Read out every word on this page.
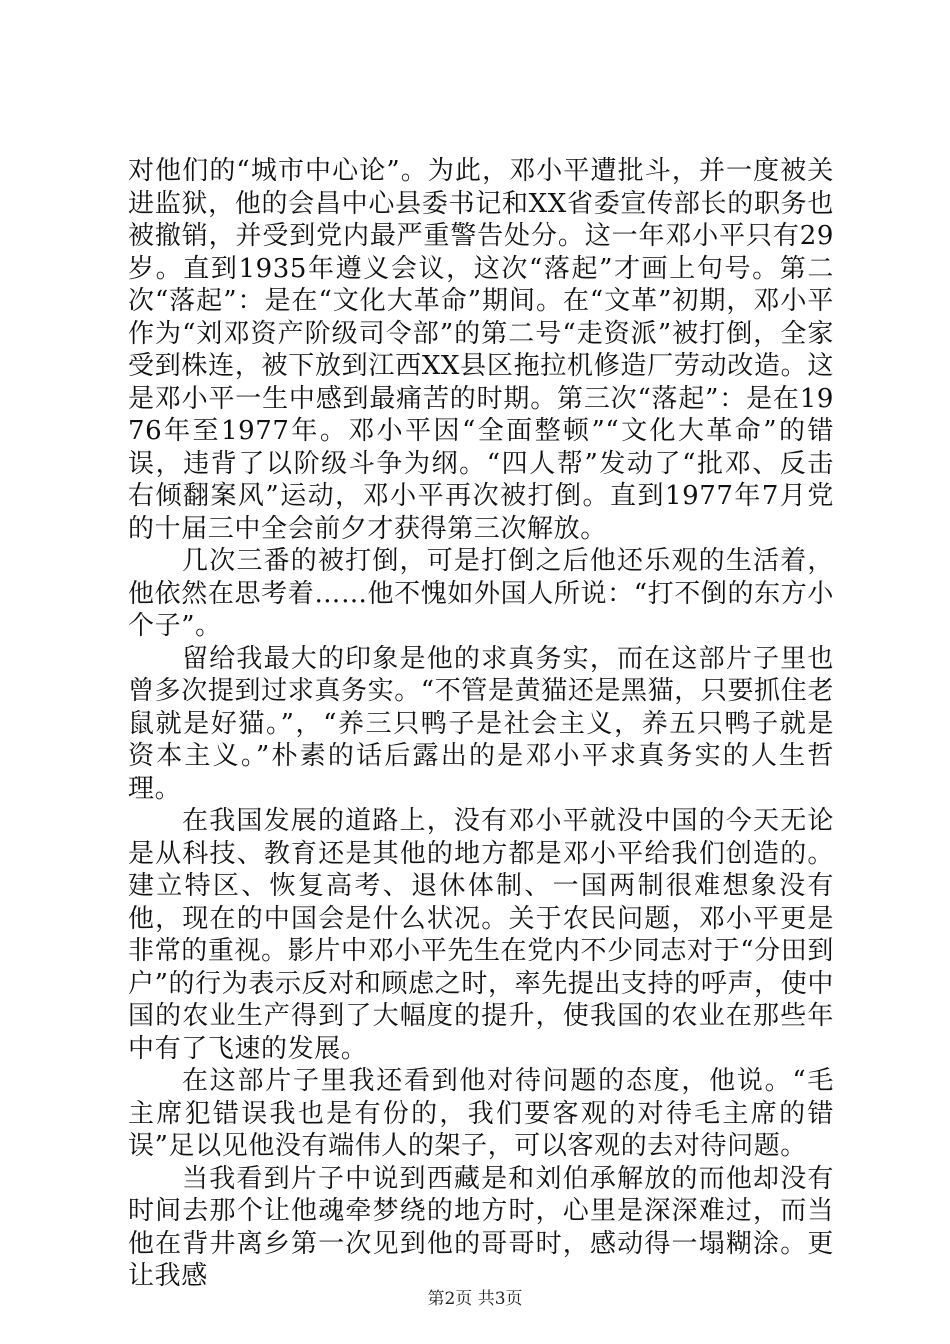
对他们的“城市中心论”。为此，邓小平遭批斗，并一度被关进监狱，他的会昌中心县委书记和XX省委宣传部长的职务也被撤销，并受到党内最严重警告处分。这一年邓小平只有29岁。直到1935年遵义会议，这次“落起”才画上句号。第二次“落起”：是在“文化大革命”期间。在“文革”初期，邓小平作为“刘邓资产阶级司令部”的第二号“走资派”被打倒，全家受到株连，被下放到江西XX县区拖拉机修造厂劳动改造。这是邓小平一生中感到最痛苦的时期。第三次“落起”：是在1976年至1977年。邓小平因“全面整顿”“文化大革命”的错误，违背了以阶级斗争为纲。“四人帮”发动了“批邓、反击右倾翻案风”运动，邓小平再次被打倒。直到1977年7月党的十届三中全会前夕才获得第三次解放。

几次三番的被打倒，可是打倒之后他还乐观的生活着，他依然在思考着……他不愧如外国人所说：“打不倒的东方小个子”。

留给我最大的印象是他的求真务实，而在这部片子里也曾多次提到过求真务实。“不管是黄猫还是黑猫，只要抓住老鼠就是好猫。”，“养三只鸭子是社会主义，养五只鸭子就是资本主义。”朴素的话后露出的是邓小平求真务实的人生哲理。

在我国发展的道路上，没有邓小平就没中国的今天无论是从科技、教育还是其他的地方都是邓小平给我们创造的。建立特区、恢复高考、退休体制、一国两制很难想象没有他，现在的中国会是什么状况。关于农民问题，邓小平更是非常的重视。影片中邓小平先生在党内不少同志对于“分田到户”的行为表示反对和顾虑之时，率先提出支持的呼声，使中国的农业生产得到了大幅度的提升，使我国的农业在那些年中有了飞速的发展。

在这部片子里我还看到他对待问题的态度，他说。“毛主席犯错误我也是有份的，我们要客观的对待毛主席的错误”足以见他没有端伟人的架子，可以客观的去对待问题。

当我看到片子中说到西藏是和刘伯承解放的而他却没有时间去那个让他魂牵梦绕的地方时，心里是深深难过，而当他在背井离乡第一次见到他的哥哥时，感动得一塌糊涂。更让我感

第2页 共3页
